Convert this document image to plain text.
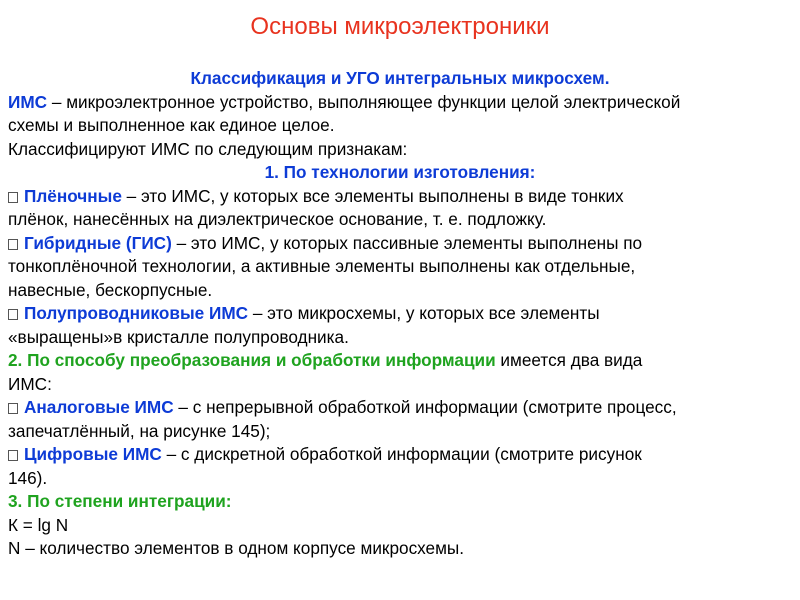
Основы микроэлектроники
Классификация и УГО интегральных микросхем.
ИМС – микроэлектронное устройство, выполняющее функции целой электрической
схемы и выполненное как единое целое.
Классифицируют ИМС по следующим признакам:
1. По технологии изготовления:
Плёночные – это ИМС, у которых все элементы выполнены в виде тонких
плёнок, нанесённых на диэлектрическое основание, т. е. подложку.
Гибридные (ГИС) – это ИМС, у которых пассивные элементы выполнены по
тонкоплёночной технологии, а активные элементы выполнены как отдельные,
навесные, бескорпусные.
Полупроводниковые ИМС – это микросхемы, у которых все элементы
«выращены»в кристалле полупроводника.
2. По способу преобразования и обработки информации имеется два вида
ИМС:
Аналоговые ИМС – с непрерывной обработкой информации (смотрите процесс,
запечатлённый, на рисунке 145);
Цифровые ИМС – с дискретной обработкой информации (смотрите рисунок
146).
3. По степени интеграции:
К = lg N
N – количество элементов в одном корпусе микросхемы.
